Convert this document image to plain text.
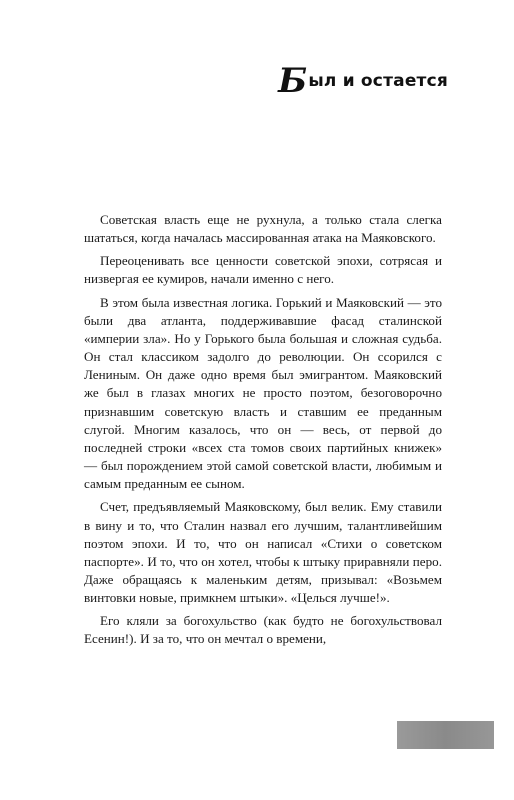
Был и остается

Советская власть еще не рухнула, а только стала слегка шататься, когда началась массированная атака на Маяковского.

Переоценивать все ценности советской эпохи, сотрясая и низвергая ее кумиров, начали именно с него.

В этом была известная логика. Горький и Маяковский — это были два атланта, поддерживавшие фасад сталинской «империи зла». Но у Горького была большая и сложная судьба. Он стал классиком задолго до революции. Он ссорился с Лениным. Он даже одно время был эмигрантом. Маяковский же был в глазах многих не просто поэтом, безоговорочно признавшим советскую власть и ставшим ее преданным слугой. Многим казалось, что он — весь, от первой до последней строки «всех ста томов своих партийных книжек» — был порождением этой самой советской власти, любимым и самым преданным ее сыном.

Счет, предъявляемый Маяковскому, был велик. Ему ставили в вину и то, что Сталин назвал его лучшим, талантливейшим поэтом эпохи. И то, что он написал «Стихи о советском паспорте». И то, что он хотел, чтобы к штыку приравняли перо. Даже обращаясь к маленьким детям, призывал: «Возьмем винтовки новые, примкнем штыки». «Целься лучше!».

Его кляли за богохульство (как будто не богохульствовал Есенин!). И за то, что он мечтал о времени,
